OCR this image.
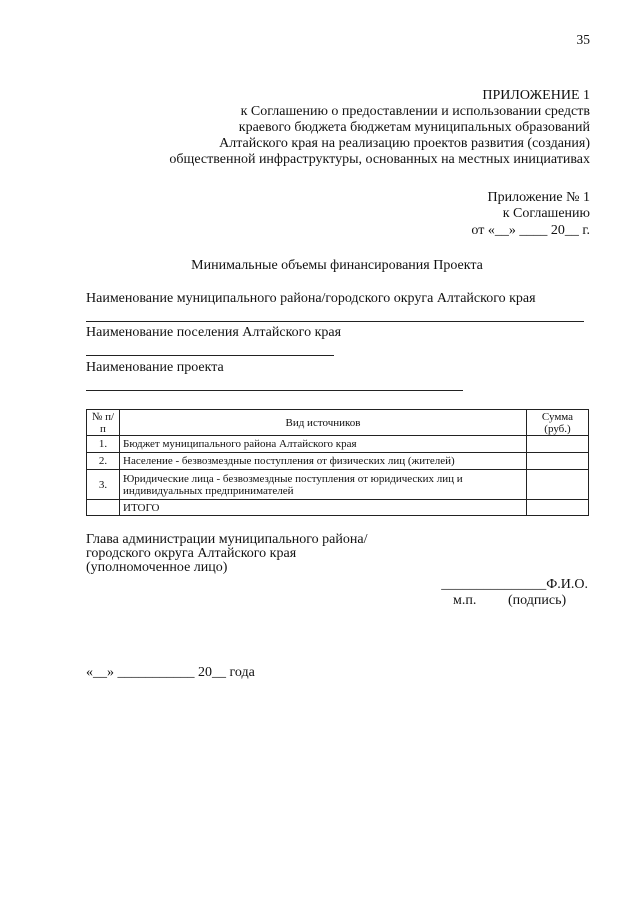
35
ПРИЛОЖЕНИЕ 1
к Соглашению о предоставлении и использовании средств
краевого бюджета бюджетам муниципальных образований
Алтайского края на реализацию проектов развития (создания)
общественной инфраструктуры, основанных на местных инициативах
Приложение № 1
к Соглашению
от «__» ____ 20__ г.
Минимальные объемы финансирования Проекта
Наименование муниципального района/городского округа Алтайского края
Наименование поселения Алтайского края
Наименование проекта
№ п/п	Вид источников	Сумма (руб.)
1.	Бюджет муниципального района Алтайского края	
2.	Население - безвозмездные поступления от физических лиц (жителей)	
3.	Юридические лица - безвозмездные поступления от юридических лиц и индивидуальных предпринимателей	
	ИТОГО	
Глава администрации муниципального района/
городского округа Алтайского края
(уполномоченное лицо)
_______________Ф.И.О.
м.п. (подпись)
«__» ___________ 20__ года
